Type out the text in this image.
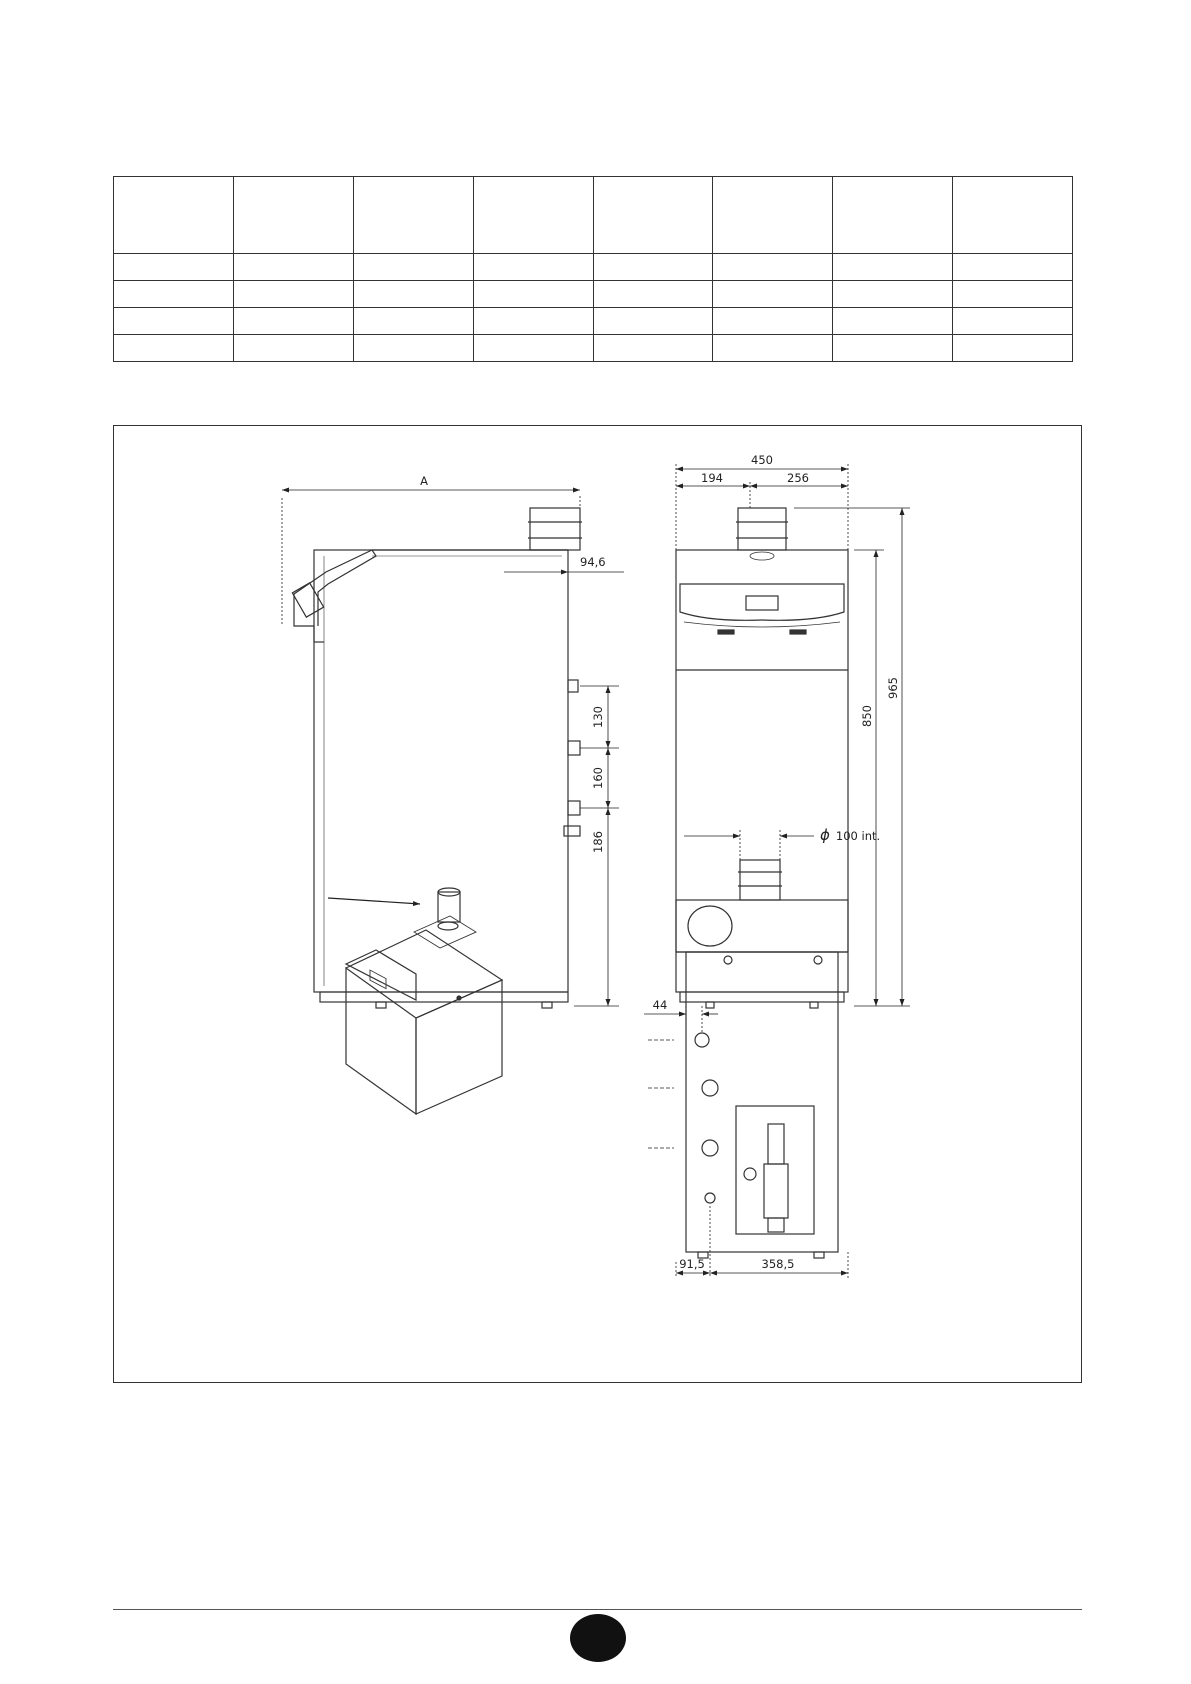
A
94,6
130
160
186
450
194	256
850
965
ϕ 100 int.
44
91,5	358,5
